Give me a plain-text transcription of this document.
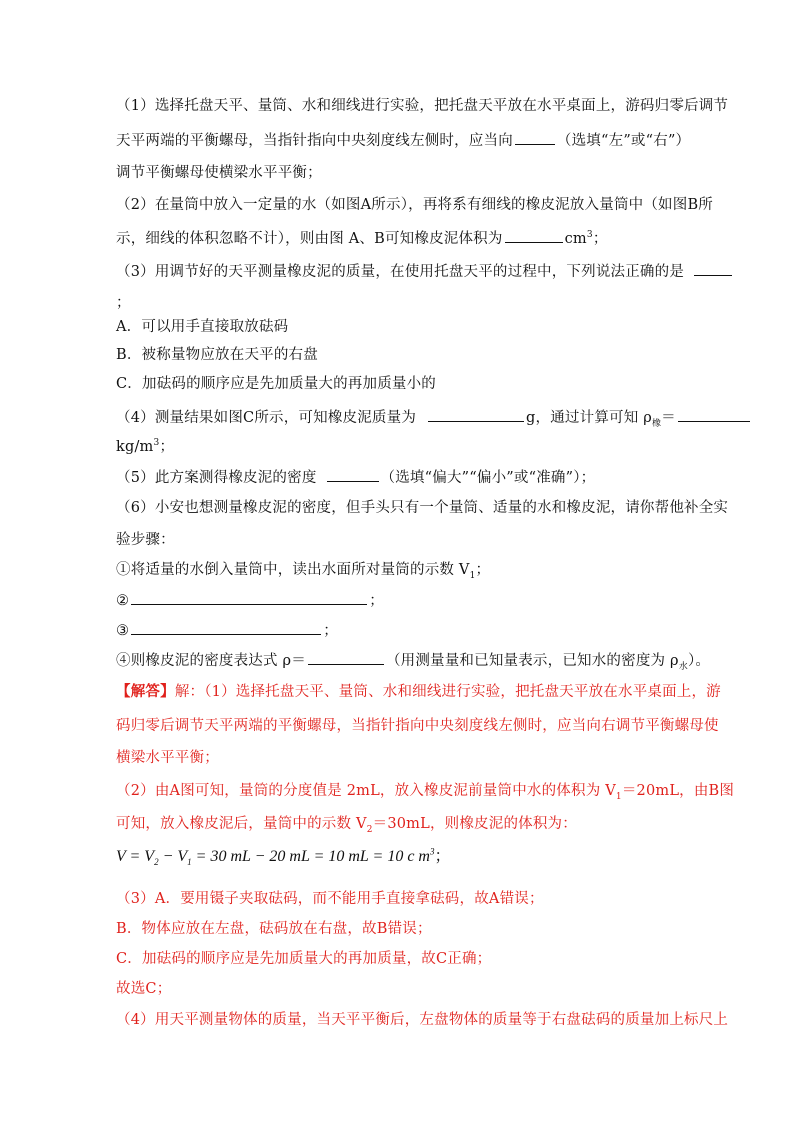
（1）选择托盘天平、量筒、水和细线进行实验，把托盘天平放在水平桌面上，游码归零后调节
天平两端的平衡螺母，当指针指向中央刻度线左侧时，应当向	（选填“左”或“右”）
调节平衡螺母使横梁水平平衡；
（2）在量筒中放入一定量的水（如图A所示），再将系有细线的橡皮泥放入量筒中（如图B所
示，细线的体积忽略不计），则由图 A、B可知橡皮泥体积为	$cm^3$；
（3）用调节好的天平测量橡皮泥的质量，在使用托盘天平的过程中，下列说法正确的是
；
A．可以用手直接取放砝码
B．被称量物应放在天平的右盘
C．加砝码的顺序应是先加质量大的再加质量小的
（4）测量结果如图C所示，可知橡皮泥质量为	g，通过计算可知 $\rho_橡=$
$kg/m^3$；
（5）此方案测得橡皮泥的密度	（选填“偏大”“偏小”或“准确”）；
（6）小安也想测量橡皮泥的密度，但手头只有一个量筒、适量的水和橡皮泥，请你帮他补全实
验步骤：
①将适量的水倒入量筒中，读出水面所对量筒的示数 $V_1$；
②	；
③	；
④则橡皮泥的密度表达式 ρ＝	（用测量量和已知量表示，已知水的密度为 $\rho_水$）。
【解答】解：（1）选择托盘天平、量筒、水和细线进行实验，把托盘天平放在水平桌面上，游
码归零后调节天平两端的平衡螺母，当指针指向中央刻度线左侧时，应当向右调节平衡螺母使
横梁水平平衡；
（2）由A图可知，量筒的分度值是 2mL，放入橡皮泥前量筒中水的体积为 $V_1=20mL$，由B图
可知，放入橡皮泥后，量筒中的示数 $V_2=30mL$，则橡皮泥的体积为：
$V = V_2 - V_1 = 30$ mL − 20 mL = 10 mL = 10 c $m^3$；
（3）A．要用镊子夹取砝码，而不能用手直接拿砝码，故A错误；
B．物体应放在左盘，砝码放在右盘，故B错误；
C．加砝码的顺序应是先加质量大的再加质量，故C正确；
故选C；
（4）用天平测量物体的质量，当天平平衡后，左盘物体的质量等于右盘砝码的质量加上标尺上
